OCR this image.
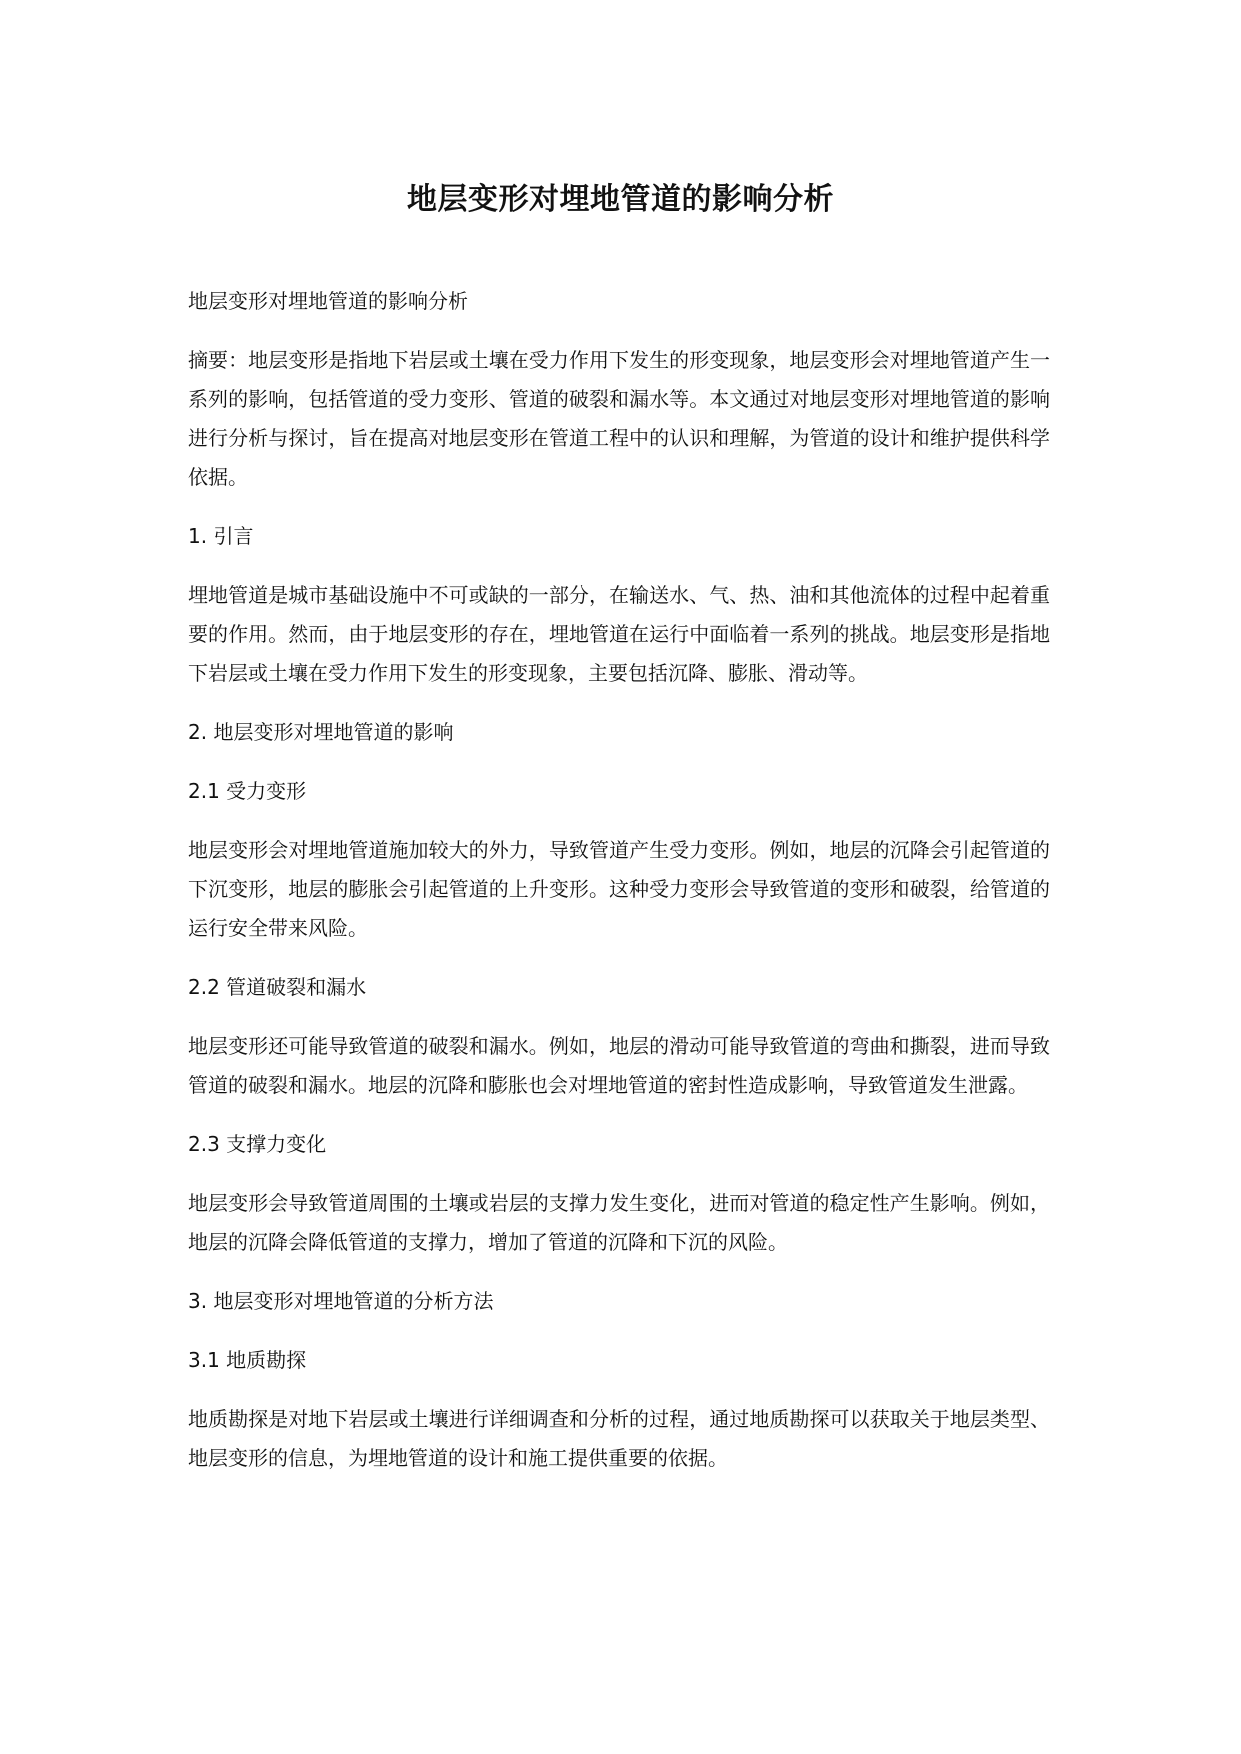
地层变形对埋地管道的影响分析

地层变形对埋地管道的影响分析

摘要：地层变形是指地下岩层或土壤在受力作用下发生的形变现象，地层变形会对埋地管道产生一系列的影响，包括管道的受力变形、管道的破裂和漏水等。本文通过对地层变形对埋地管道的影响进行分析与探讨，旨在提高对地层变形在管道工程中的认识和理解，为管道的设计和维护提供科学依据。

1. 引言

埋地管道是城市基础设施中不可或缺的一部分，在输送水、气、热、油和其他流体的过程中起着重要的作用。然而，由于地层变形的存在，埋地管道在运行中面临着一系列的挑战。地层变形是指地下岩层或土壤在受力作用下发生的形变现象，主要包括沉降、膨胀、滑动等。

2. 地层变形对埋地管道的影响

2.1 受力变形

地层变形会对埋地管道施加较大的外力，导致管道产生受力变形。例如，地层的沉降会引起管道的下沉变形，地层的膨胀会引起管道的上升变形。这种受力变形会导致管道的变形和破裂，给管道的运行安全带来风险。

2.2 管道破裂和漏水

地层变形还可能导致管道的破裂和漏水。例如，地层的滑动可能导致管道的弯曲和撕裂，进而导致管道的破裂和漏水。地层的沉降和膨胀也会对埋地管道的密封性造成影响，导致管道发生泄露。

2.3 支撑力变化

地层变形会导致管道周围的土壤或岩层的支撑力发生变化，进而对管道的稳定性产生影响。例如，地层的沉降会降低管道的支撑力，增加了管道的沉降和下沉的风险。

3. 地层变形对埋地管道的分析方法

3.1 地质勘探

地质勘探是对地下岩层或土壤进行详细调查和分析的过程，通过地质勘探可以获取关于地层类型、地层变形的信息，为埋地管道的设计和施工提供重要的依据。
